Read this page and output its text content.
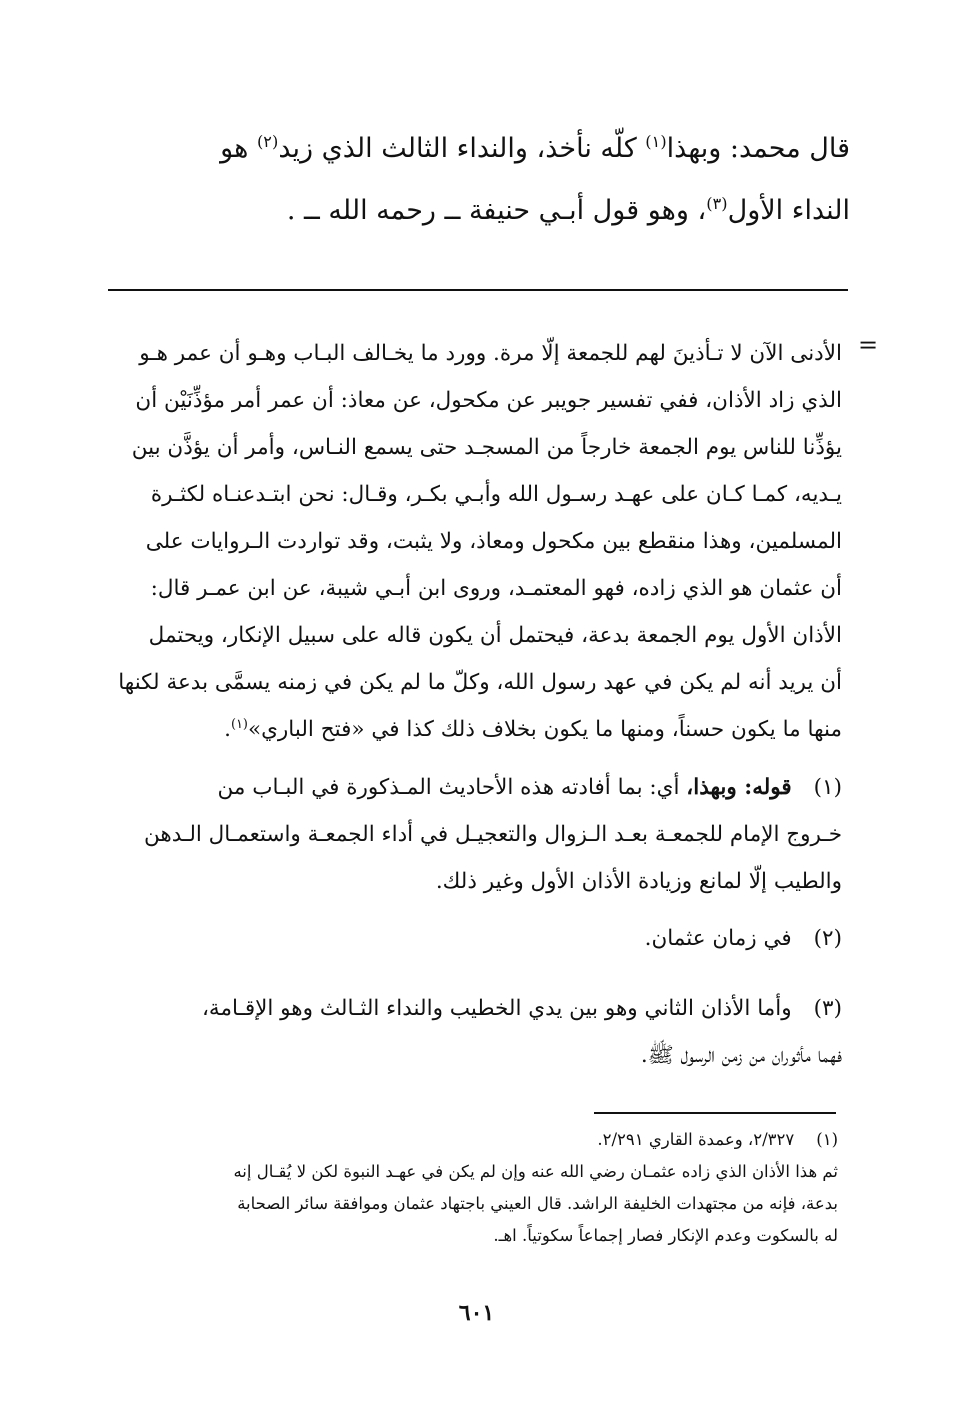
قال محمد: وبهذا$^{(١)}$ كلّه نأخذ، والنداء الثالث الذي زيد$^{(٢)}$ هو

النداء الأول$^{(٣)}$، وهو قول أبـي حنيفة ــ رحمه الله ــ .

=

الأدنى الآن لا تـأذينَ لهم للجمعة إلّا مرة. وورد ما يخـالف البـاب وهـو أن عمر هـو

الذي زاد الأذان، ففي تفسير جويبر عن مكحول، عن معاذ: أن عمر أمر مؤذِّنَيْن أن

يؤذِّنا للناس يوم الجمعة خارجاً من المسجـد حتى يسمع النـاس، وأمر أن يؤذَّن بين

يـديه، كمـا كـان على عهـد رسـول الله وأبـي بكـر، وقـال: نحن ابتـدعنـاه لكثـرة

المسلمين، وهذا منقطع بين مكحول ومعاذ، ولا يثبت، وقد تواردت الـروايات على

أن عثمان هو الذي زاده، فهو المعتمـد، وروى ابن أبـي شيبة، عن ابن عمـر قال:

الأذان الأول يوم الجمعة بدعة، فيحتمل أن يكون قاله على سبيل الإنكار، ويحتمل

أن يريد أنه لم يكن في عهد رسول الله، وكلّ ما لم يكن في زمنه يسمَّى بدعة لكنها

منها ما يكون حسناً، ومنها ما يكون بخلاف ذلك كذا في «فتح الباري»$^{(١)}$.

(١)قوله: وبهذا، أي: بما أفادته هذه الأحاديث المـذكورة في البـاب من
خـروج الإمام للجمعـة بعـد الـزوال والتعجيـل في أداء الجمعـة واستعمـال الـدهن
والطيب إلّا لمانع وزيادة الأذان الأول وغير ذلك.
(٢)في زمان عثمان.
(٣)وأما الأذان الثاني وهو بين يدي الخطيب والنداء الثـالث وهو الإقـامة،
فهما مأثوران من زمن الرسول ﷺ.
(١)٢/٣٢٧، وعمدة القاري ٢/٢٩١.
ثم هذا الأذان الذي زاده عثمـان رضي الله عنه وإن لم يكن في عهـد النبوة لكن لا يُقـال إنه
بدعة، فإنه من مجتهدات الخليفة الراشد. قال العيني باجتهاد عثمان وموافقة سائر الصحابة
له بالسكوت وعدم الإنكار فصار إجماعاً سكوتياً. اهـ.
٦٠١
